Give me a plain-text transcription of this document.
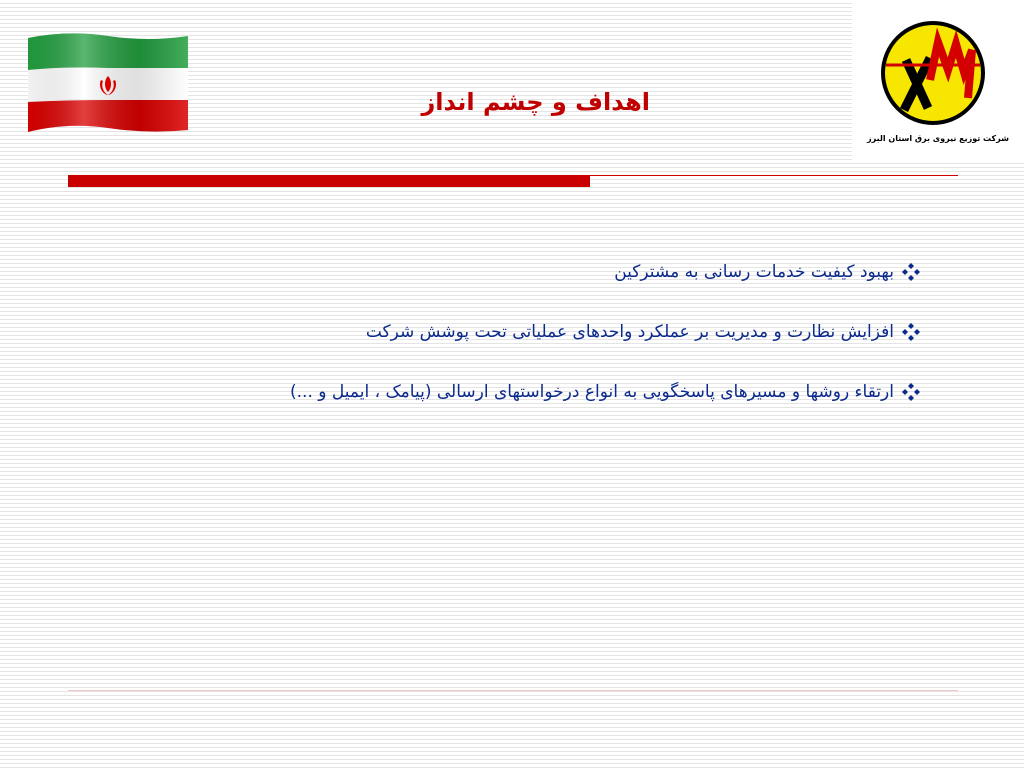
اهداف و چشم انداز
شرکت توزیع نیروی برق استان البرز
بهبود کیفیت خدمات رسانی به مشترکین
افزایش نظارت و مدیریت بر عملکرد واحدهای عملیاتی تحت پوشش شرکت
ارتقاء روشها و مسیرهای پاسخگویی به انواع درخواستهای ارسالی (پیامک ، ایمیل و ...)
